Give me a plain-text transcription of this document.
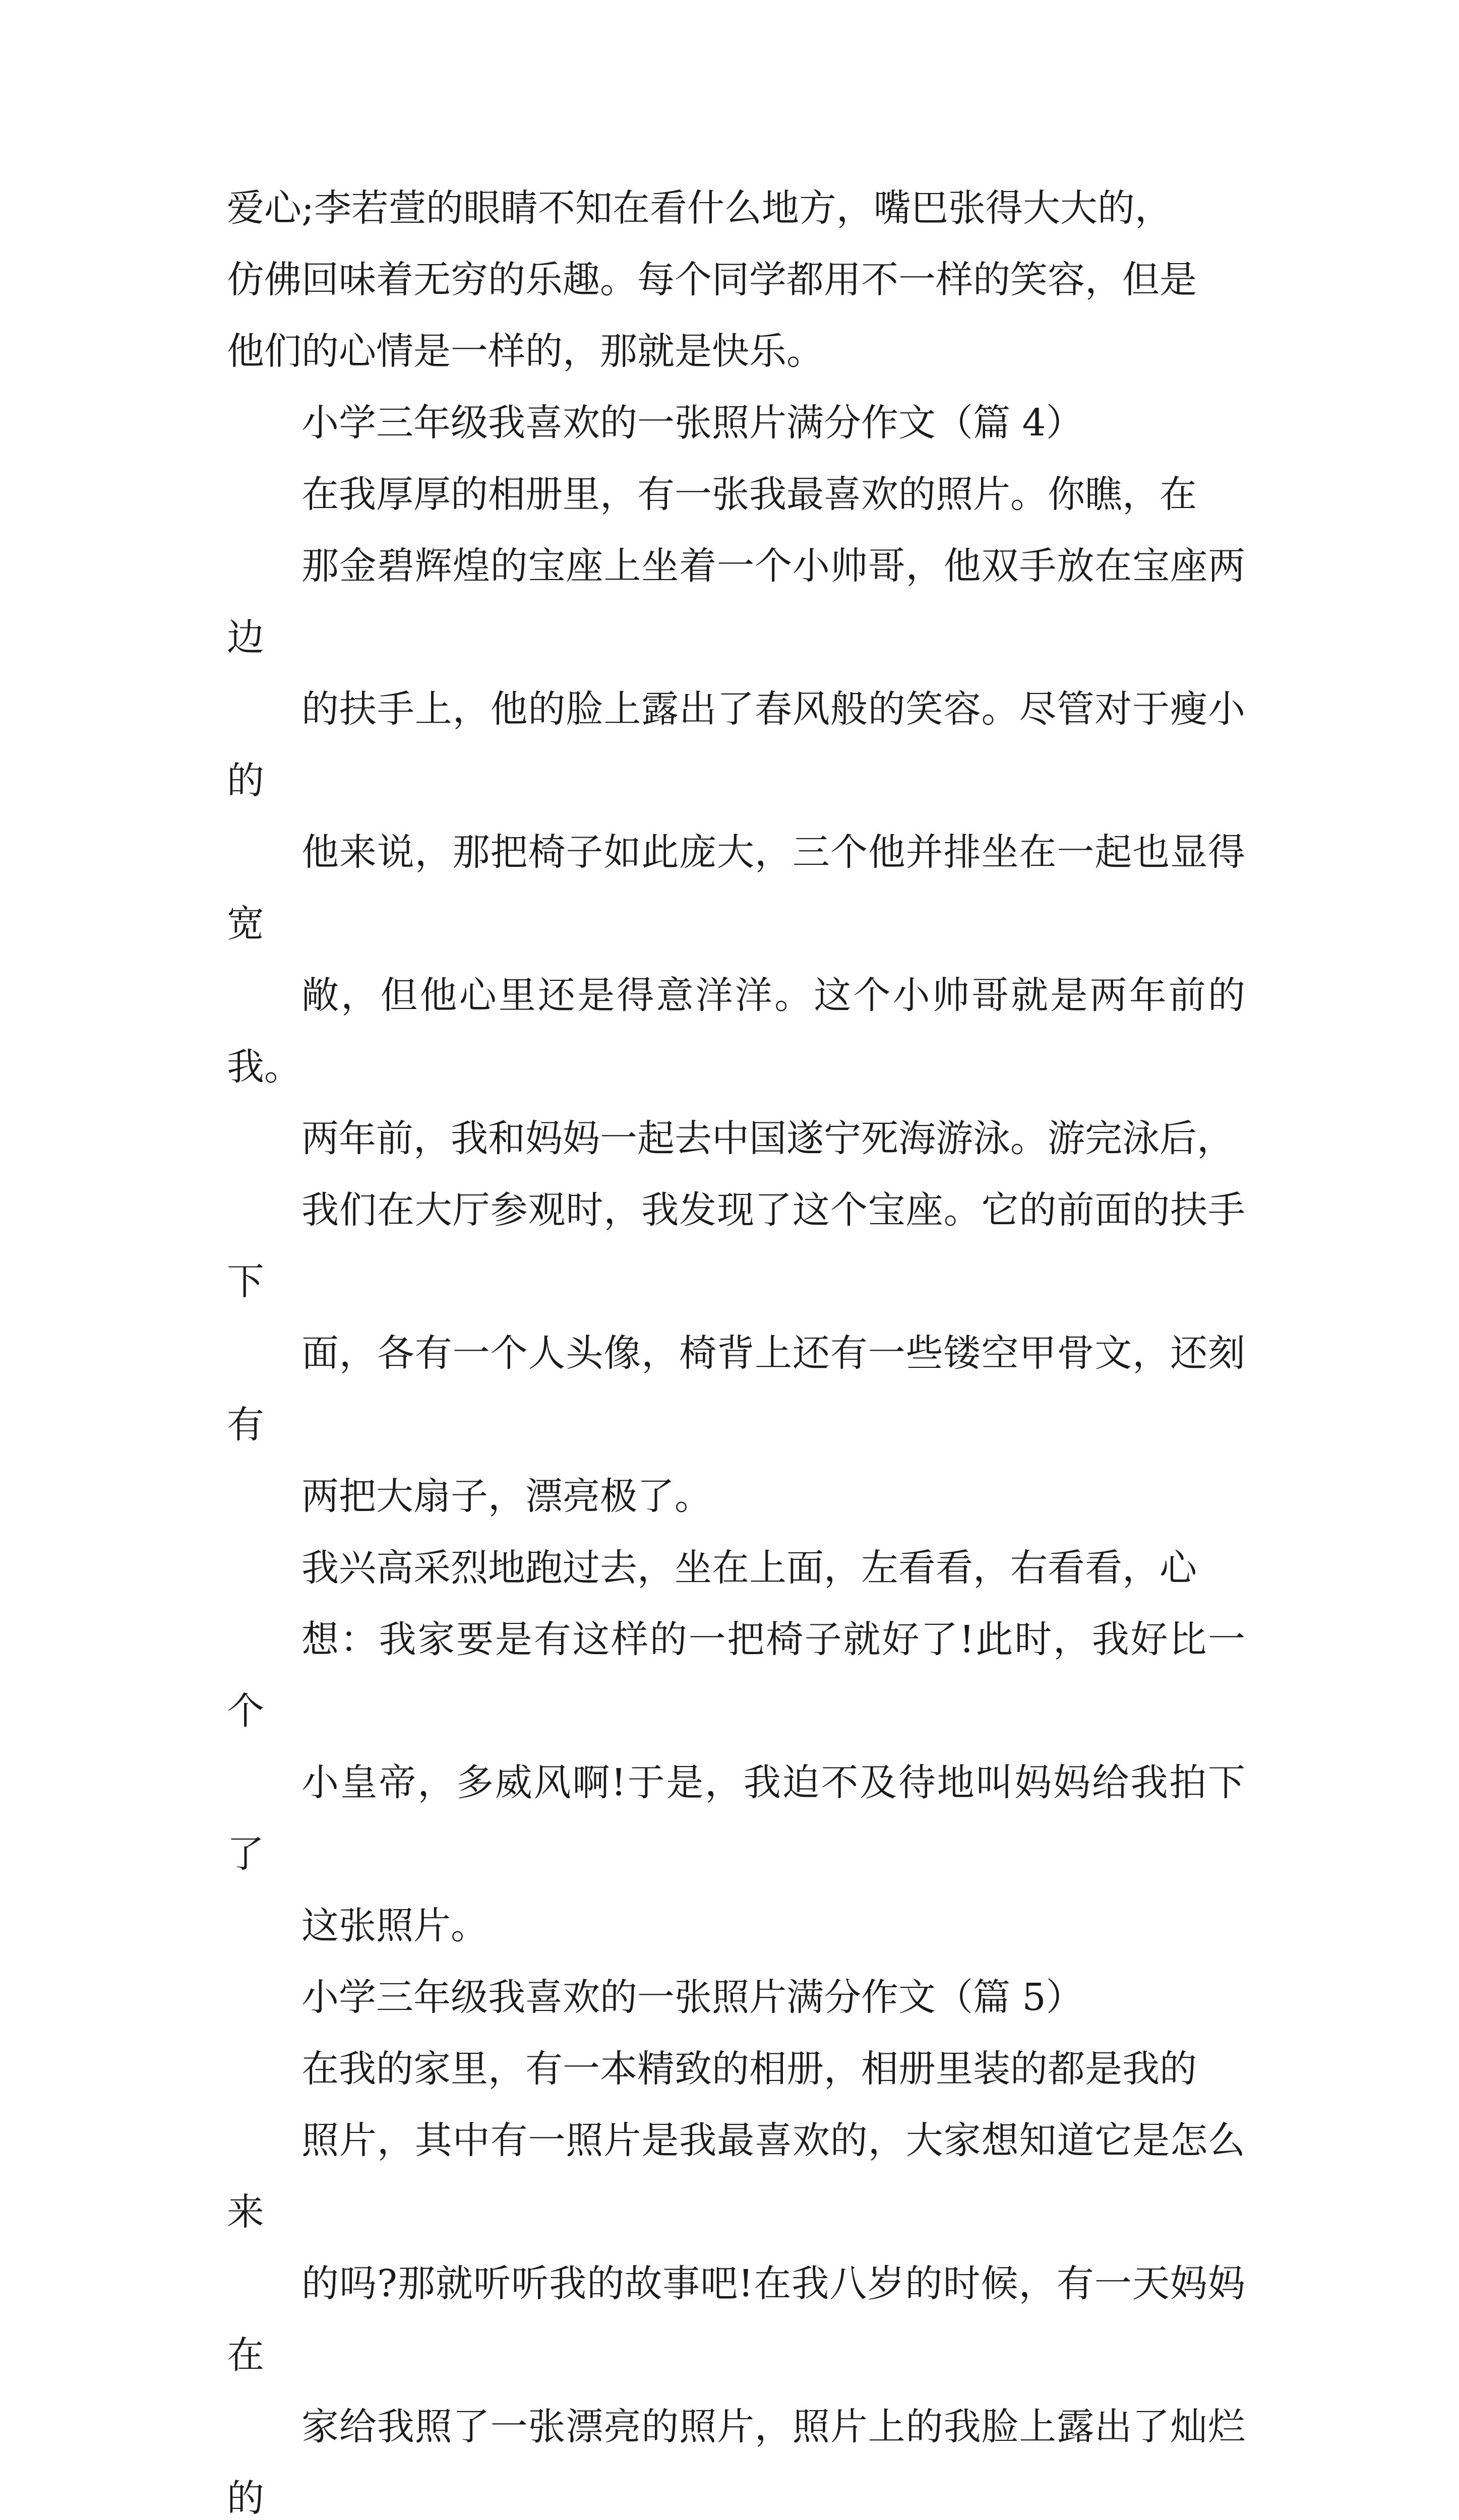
爱心;李若萱的眼睛不知在看什么地方，嘴巴张得大大的，
仿佛回味着无穷的乐趣。每个同学都用不一样的笑容，但是
他们的心情是一样的，那就是快乐。

小学三年级我喜欢的一张照片满分作文（篇 4）

在我厚厚的相册里，有一张我最喜欢的照片。你瞧，在
那金碧辉煌的宝座上坐着一个小帅哥，他双手放在宝座两边
的扶手上，他的脸上露出了春风般的笑容。尽管对于瘦小的
他来说，那把椅子如此庞大，三个他并排坐在一起也显得宽
敞，但他心里还是得意洋洋。这个小帅哥就是两年前的我。

两年前，我和妈妈一起去中国遂宁死海游泳。游完泳后，
我们在大厅参观时，我发现了这个宝座。它的前面的扶手下
面，各有一个人头像，椅背上还有一些镂空甲骨文，还刻有
两把大扇子，漂亮极了。

我兴高采烈地跑过去，坐在上面，左看看，右看看，心
想：我家要是有这样的一把椅子就好了!此时，我好比一个
小皇帝，多威风啊!于是，我迫不及待地叫妈妈给我拍下了
这张照片。

小学三年级我喜欢的一张照片满分作文（篇 5）

在我的家里，有一本精致的相册，相册里装的都是我的
照片，其中有一照片是我最喜欢的，大家想知道它是怎么来
的吗?那就听听我的故事吧!在我八岁的时候，有一天妈妈在
家给我照了一张漂亮的照片，照片上的我脸上露出了灿烂的
